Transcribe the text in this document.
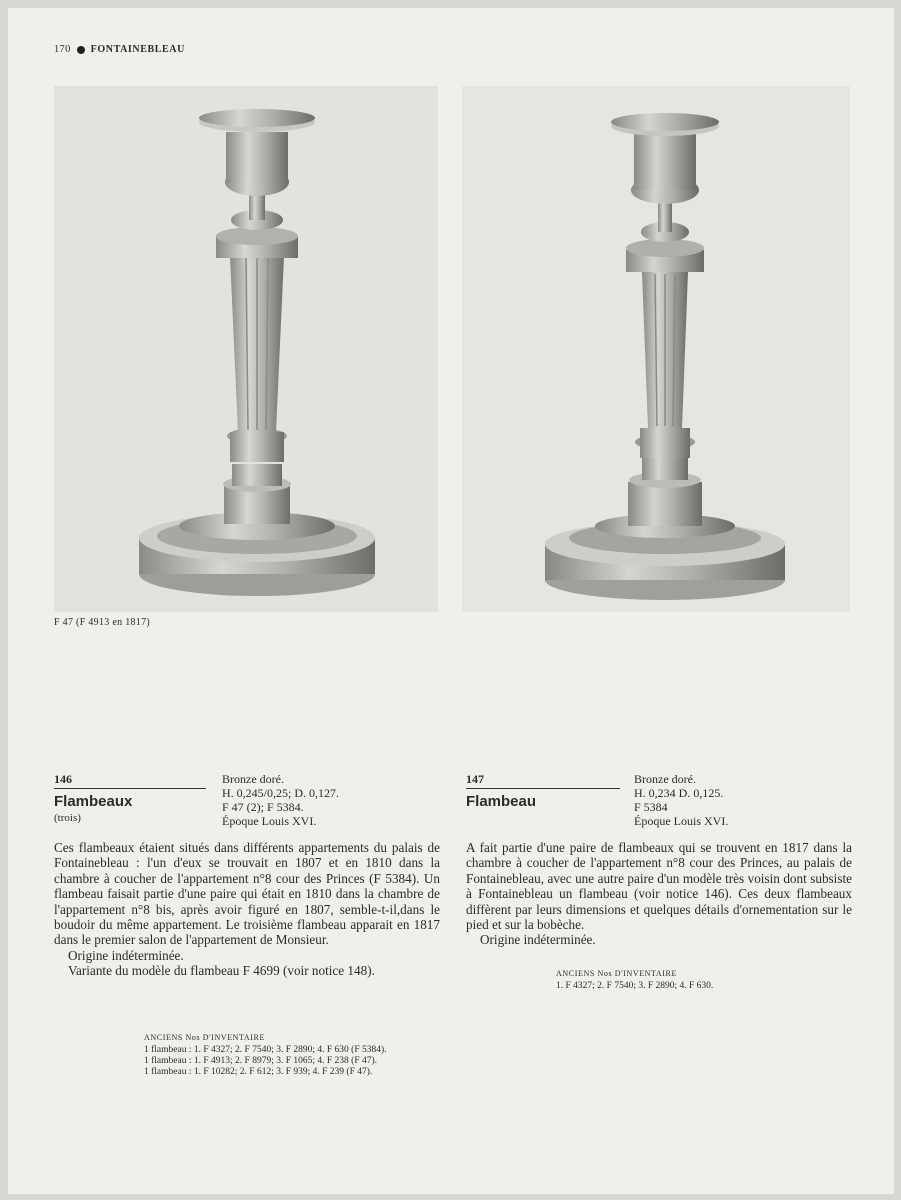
170 FONTAINEBLEAU
F 47 (F 4913 en 1817)
146
Flambeaux
(trois)
Bronze doré.
H. 0,245/0,25; D. 0,127.
F 47 (2); F 5384.
Époque Louis XVI.

Ces flambeaux étaient situés dans différents appartements du palais de Fontainebleau : l'un d'eux se trouvait en 1807 et en 1810 dans la chambre à coucher de l'appartement n°8 cour des Princes (F 5384). Un flambeau faisait partie d'une paire qui était en 1810 dans la chambre de l'appartement n°8 bis, après avoir figuré en 1807, semble-t-il,dans le boudoir du même appartement. Le troisième flambeau apparait en 1817 dans le premier salon de l'appartement de Monsieur.

Origine indéterminée.

Variante du modèle du flambeau F 4699 (voir notice 148).

ANCIENS Nos D'INVENTAIRE
1 flambeau : 1. F 4327; 2. F 7540; 3. F 2890; 4. F 630 (F 5384).
1 flambeau : 1. F 4913; 2. F 8979; 3. F 1065; 4. F 238 (F 47).
1 flambeau : 1. F 10282; 2. F 612; 3. F 939; 4. F 239 (F 47).
147
Flambeau
Bronze doré.
H. 0,234 D. 0,125.
F 5384
Époque Louis XVI.

A fait partie d'une paire de flambeaux qui se trouvent en 1817 dans la chambre à coucher de l'appartement n°8 cour des Princes, au palais de Fontainebleau, avec une autre paire d'un modèle très voisin dont subsiste à Fontainebleau un flambeau (voir notice 146). Ces deux flambeaux diffèrent par leurs dimensions et quelques détails d'ornementation sur le pied et sur la bobèche.

Origine indéterminée.

ANCIENS Nos D'INVENTAIRE
1. F 4327; 2. F 7540; 3. F 2890; 4. F 630.
